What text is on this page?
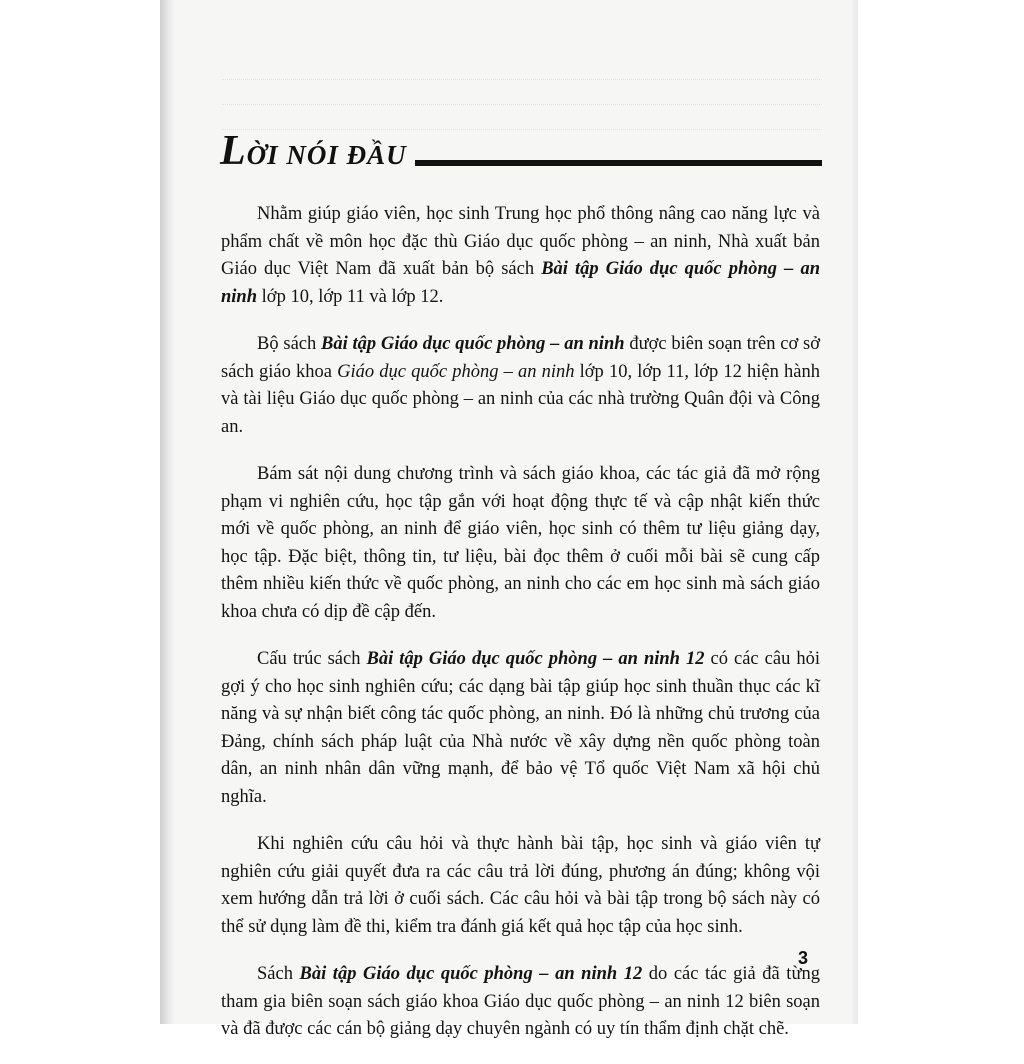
LỜI NÓI ĐẦU

Nhằm giúp giáo viên, học sinh Trung học phổ thông nâng cao năng lực và phẩm chất về môn học đặc thù Giáo dục quốc phòng – an ninh, Nhà xuất bản Giáo dục Việt Nam đã xuất bản bộ sách Bài tập Giáo dục quốc phòng – an ninh lớp 10, lớp 11 và lớp 12.

Bộ sách Bài tập Giáo dục quốc phòng – an ninh được biên soạn trên cơ sở sách giáo khoa Giáo dục quốc phòng – an ninh lớp 10, lớp 11, lớp 12 hiện hành và tài liệu Giáo dục quốc phòng – an ninh của các nhà trường Quân đội và Công an.

Bám sát nội dung chương trình và sách giáo khoa, các tác giả đã mở rộng phạm vi nghiên cứu, học tập gắn với hoạt động thực tế và cập nhật kiến thức mới về quốc phòng, an ninh để giáo viên, học sinh có thêm tư liệu giảng dạy, học tập. Đặc biệt, thông tin, tư liệu, bài đọc thêm ở cuối mỗi bài sẽ cung cấp thêm nhiều kiến thức về quốc phòng, an ninh cho các em học sinh mà sách giáo khoa chưa có dịp đề cập đến.

Cấu trúc sách Bài tập Giáo dục quốc phòng – an ninh 12 có các câu hỏi gợi ý cho học sinh nghiên cứu; các dạng bài tập giúp học sinh thuần thục các kĩ năng và sự nhận biết công tác quốc phòng, an ninh. Đó là những chủ trương của Đảng, chính sách pháp luật của Nhà nước về xây dựng nền quốc phòng toàn dân, an ninh nhân dân vững mạnh, để bảo vệ Tổ quốc Việt Nam xã hội chủ nghĩa.

Khi nghiên cứu câu hỏi và thực hành bài tập, học sinh và giáo viên tự nghiên cứu giải quyết đưa ra các câu trả lời đúng, phương án đúng; không vội xem hướng dẫn trả lời ở cuối sách. Các câu hỏi và bài tập trong bộ sách này có thể sử dụng làm đề thi, kiểm tra đánh giá kết quả học tập của học sinh.

Sách Bài tập Giáo dục quốc phòng – an ninh 12 do các tác giả đã từng tham gia biên soạn sách giáo khoa Giáo dục quốc phòng – an ninh 12 biên soạn và đã được các cán bộ giảng dạy chuyên ngành có uy tín thẩm định chặt chẽ.

3
